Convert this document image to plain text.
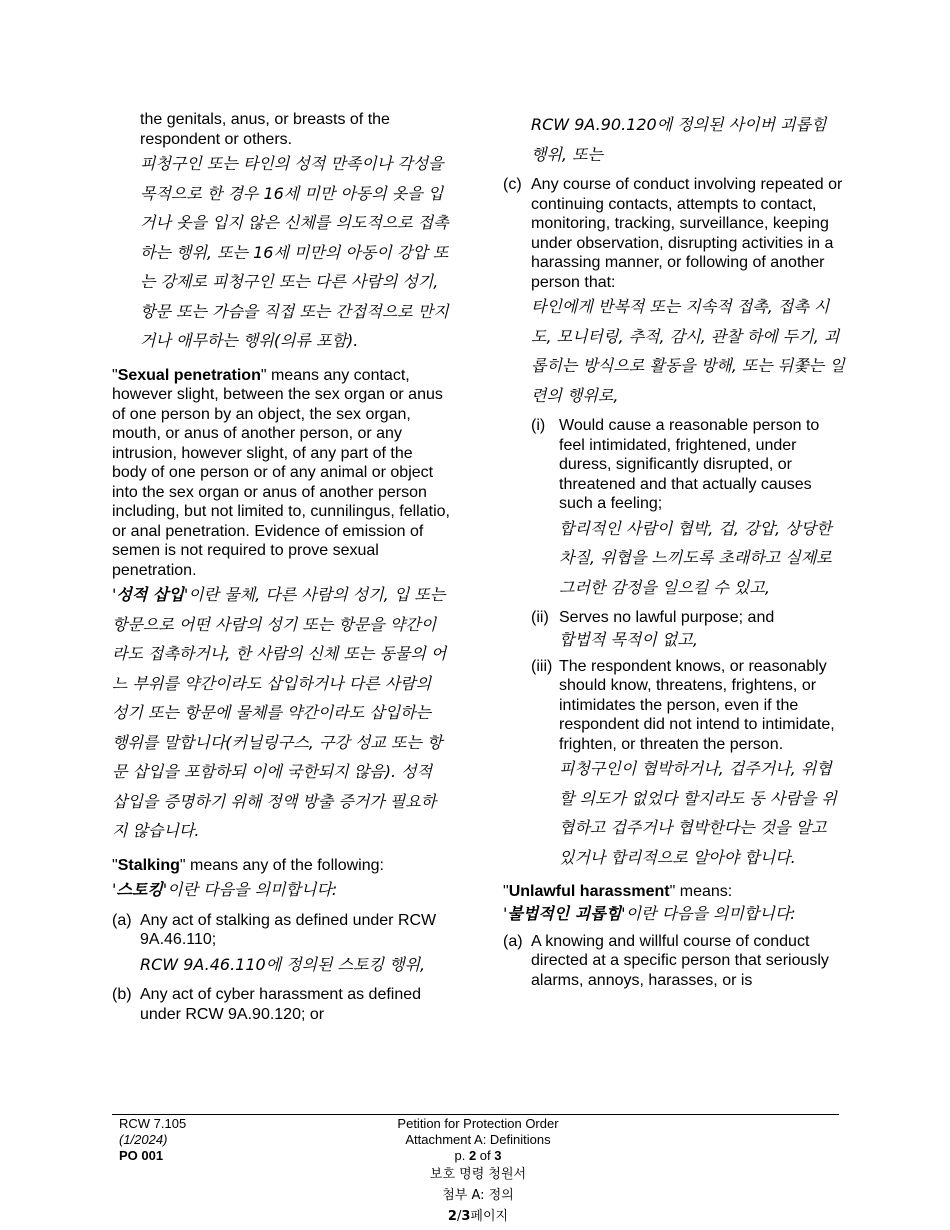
the genitals, anus, or breasts of the respondent or others.

피청구인 또는 타인의 성적 만족이나 각성을 목적으로 한 경우 16세 미만 아동의 옷을 입거나 옷을 입지 않은 신체를 의도적으로 접촉하는 행위, 또는 16세 미만의 아동이 강압 또는 강제로 피청구인 또는 다른 사람의 성기, 항문 또는 가슴을 직접 또는 간접적으로 만지거나 애무하는 행위(의류 포함).

"Sexual penetration" means any contact, however slight, between the sex organ or anus of one person by an object, the sex organ, mouth, or anus of another person, or any intrusion, however slight, of any part of the body of one person or of any animal or object into the sex organ or anus of another person including, but not limited to, cunnilingus, fellatio, or anal penetration. Evidence of emission of semen is not required to prove sexual penetration.

'성적 삽입'이란 물체, 다른 사람의 성기, 입 또는 항문으로 어떤 사람의 성기 또는 항문을 약간이라도 접촉하거나, 한 사람의 신체 또는 동물의 어느 부위를 약간이라도 삽입하거나 다른 사람의 성기 또는 항문에 물체를 약간이라도 삽입하는 행위를 말합니다(커닐링구스, 구강 성교 또는 항문 삽입을 포함하되 이에 국한되지 않음). 성적 삽입을 증명하기 위해 정액 방출 증거가 필요하지 않습니다.

"Stalking" means any of the following:

'스토킹'이란 다음을 의미합니다:

(a) Any act of stalking as defined under RCW 9A.46.110;

RCW 9A.46.110에 정의된 스토킹 행위,

(b) Any act of cyber harassment as defined under RCW 9A.90.120; or

RCW 9A.90.120에 정의된 사이버 괴롭힘 행위, 또는

(c) Any course of conduct involving repeated or continuing contacts, attempts to contact, monitoring, tracking, surveillance, keeping under observation, disrupting activities in a harassing manner, or following of another person that:

타인에게 반복적 또는 지속적 접촉, 접촉 시도, 모니터링, 추적, 감시, 관찰 하에 두기, 괴롭히는 방식으로 활동을 방해, 또는 뒤쫓는 일련의 행위로,

(i) Would cause a reasonable person to feel intimidated, frightened, under duress, significantly disrupted, or threatened and that actually causes such a feeling;

합리적인 사람이 협박, 겁, 강압, 상당한 차질, 위협을 느끼도록 초래하고 실제로 그러한 감정을 일으킬 수 있고,

(ii) Serves no lawful purpose; and

합법적 목적이 없고,

(iii) The respondent knows, or reasonably should know, threatens, frightens, or intimidates the person, even if the respondent did not intend to intimidate, frighten, or threaten the person.

피청구인이 협박하거나, 겁주거나, 위협할 의도가 없었다 할지라도 동 사람을 위협하고 겁주거나 협박한다는 것을 알고 있거나 합리적으로 알아야 합니다.

"Unlawful harassment" means:

'불법적인 괴롭힘'이란 다음을 의미합니다:

(a) A knowing and willful course of conduct directed at a specific person that seriously alarms, annoys, harasses, or is

RCW 7.105
(1/2024)
PO 001
Petition for Protection Order
Attachment A: Definitions
p. 2 of 3
보호 명령 청원서
첨부 A: 정의
2/3페이지
